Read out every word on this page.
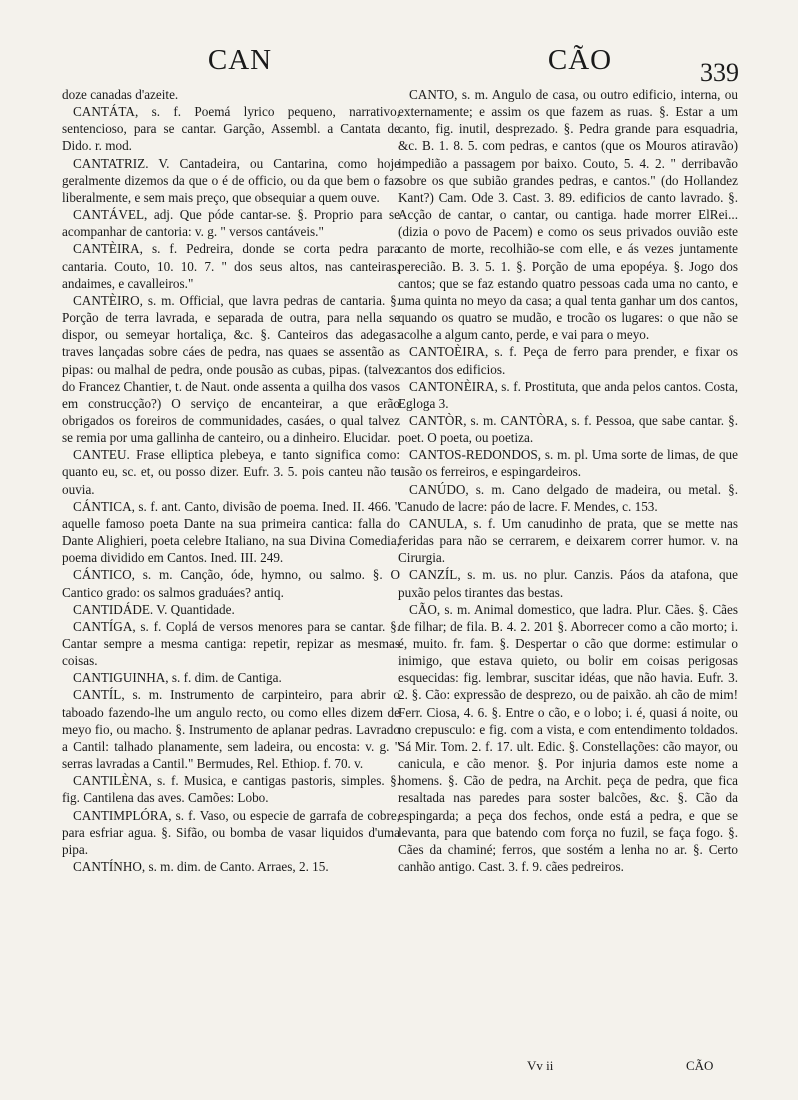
CAN	CÃO	339

doze canadas d'azeite.

CANTÁTA, s. f. Poemá lyrico pequeno, narrativo, sentencioso, para se cantar. Garção, Assembl. a Cantata de Dido. r. mod.

CANTATRIZ. V. Cantadeira, ou Cantarina, como hoje geralmente dizemos da que o é de officio, ou da que bem o faz liberalmente, e sem mais preço, que obsequiar a quem ouve.

CANTÁVEL, adj. Que póde cantar-se. §. Proprio para se acompanhar de cantoria: v. g. " versos cantáveis."

CANTÈIRA, s. f. Pedreira, donde se corta pedra para cantaria. Couto, 10. 10. 7. " dos seus altos, nas canteiras, andaimes, e cavalleiros."

CANTÈIRO, s. m. Official, que lavra pedras de cantaria. §. Porção de terra lavrada, e separada de outra, para nella se dispor, ou semeyar hortaliça, &c. §. Canteiros das adegas: traves lançadas sobre cáes de pedra, nas quaes se assentão as pipas: ou malhal de pedra, onde pousão as cubas, pipas. (talvez do Francez Chantier, t. de Naut. onde assenta a quilha dos vasos em construcção?) O serviço de encanteirar, a que erão obrigados os foreiros de communidades, casáes, o qual talvez se remia por uma gallinha de canteiro, ou a dinheiro. Elucidar.

CANTEU. Frase elliptica plebeya, e tanto significa como: quanto eu, sc. et, ou posso dizer. Eufr. 3. 5. pois canteu não te ouvia.

CÁNTICA, s. f. ant. Canto, divisão de poema. Ined. II. 466. " aquelle famoso poeta Dante na sua primeira cantica: falla do Dante Alighieri, poeta celebre Italiano, na sua Divina Comedia, poema dividido em Cantos. Ined. III. 249.

CÁNTICO, s. m. Canção, óde, hymno, ou salmo. §. O Cantico grado: os salmos graduáes? antiq.

CANTIDÁDE. V. Quantidade.

CANTÍGA, s. f. Coplá de versos menores para se cantar. §. Cantar sempre a mesma cantiga: repetir, repizar as mesmas coisas.

CANTIGUINHA, s. f. dim. de Cantiga.

CANTÍL, s. m. Instrumento de carpinteiro, para abrir o taboado fazendo-lhe um angulo recto, ou como elles dizem de meyo fio, ou macho. §. Instrumento de aplanar pedras. Lavrado a Cantil: talhado planamente, sem ladeira, ou encosta: v. g. " serras lavradas a Cantil." Bermudes, Rel. Ethiop. f. 70. v.

CANTILÈNA, s. f. Musica, e cantigas pastoris, simples. §. fig. Cantilena das aves. Camões: Lobo.

CANTIMPLÓRA, s. f. Vaso, ou especie de garrafa de cobre, para esfriar agua. §. Sifão, ou bomba de vasar liquidos d'uma pipa.

CANTÍNHO, s. m. dim. de Canto. Arraes, 2. 15.

CANTO, s. m. Angulo de casa, ou outro edificio, interna, ou externamente; e assim os que fazem as ruas. §. Estar a um canto, fig. inutil, desprezado. §. Pedra grande para esquadria, &c. B. 1. 8. 5. com pedras, e cantos (que os Mouros atiravão) impedião a passagem por baixo. Couto, 5. 4. 2. " derribavão sobre os que subião grandes pedras, e cantos." (do Hollandez Kant?) Cam. Ode 3. Cast. 3. 89. edificios de canto lavrado. §. Acção de cantar, o cantar, ou cantiga. hade morrer ElRei... (dizia o povo de Pacem) e como os seus privados ouvião este canto de morte, recolhião-se com elle, e ás vezes juntamente perecião. B. 3. 5. 1. §. Porção de uma epopéya. §. Jogo dos cantos; que se faz estando quatro pessoas cada uma no canto, e uma quinta no meyo da casa; a qual tenta ganhar um dos cantos, quando os quatro se mudão, e trocão os lugares: o que não se acolhe a algum canto, perde, e vai para o meyo.

CANTOÈIRA, s. f. Peça de ferro para prender, e fixar os cantos dos edificios.

CANTONÈIRA, s. f. Prostituta, que anda pelos cantos. Costa, Egloga 3.

CANTÒR, s. m. CANTÒRA, s. f. Pessoa, que sabe cantar. §. poet. O poeta, ou poetiza.

CANTOS-REDONDOS, s. m. pl. Uma sorte de limas, de que usão os ferreiros, e espingardeiros.

CANÚDO, s. m. Cano delgado de madeira, ou metal. §. Canudo de lacre: páo de lacre. F. Mendes, c. 153.

CANULA, s. f. Um canudinho de prata, que se mette nas feridas para não se cerrarem, e deixarem correr humor. v. na Cirurgia.

CANZÍL, s. m. us. no plur. Canzis. Páos da atafona, que puxão pelos tirantes das bestas.

CÃO, s. m. Animal domestico, que ladra. Plur. Cães. §. Cães de filhar; de fila. B. 4. 2. 201 §. Aborrecer como a cão morto; i. é, muito. fr. fam. §. Despertar o cão que dorme: estimular o inimigo, que estava quieto, ou bolir em coisas perigosas esquecidas: fig. lembrar, suscitar idéas, que não havia. Eufr. 3. 2. §. Cão: expressão de desprezo, ou de paixão. ah cão de mim! Ferr. Ciosa, 4. 6. §. Entre o cão, e o lobo; i. é, quasi á noite, ou no crepusculo: e fig. com a vista, e com entendimento toldados. Sá Mir. Tom. 2. f. 17. ult. Edic. §. Constellações: cão mayor, ou canicula, e cão menor. §. Por injuria damos este nome a homens. §. Cão de pedra, na Archit. peça de pedra, que fica resaltada nas paredes para soster balcões, &c. §. Cão da espingarda; a peça dos fechos, onde está a pedra, e que se levanta, para que batendo com força no fuzil, se faça fogo. §. Cães da chaminé; ferros, que sostém a lenha no ar. §. Certo canhão antigo. Cast. 3. f. 9. cães pedreiros.

Vv ii	CÃO
